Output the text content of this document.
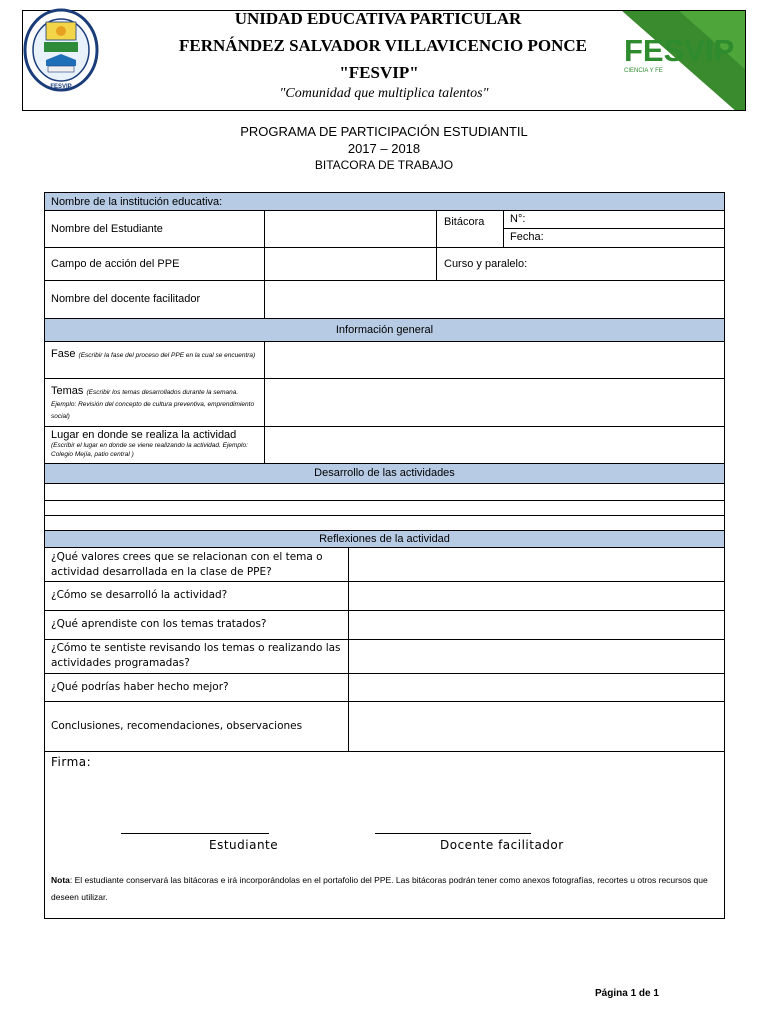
FESVIP
UNIDAD EDUCATIVA PARTICULAR
FERNÁNDEZ SALVADOR VILLAVICENCIO PONCE
"FESVIP"
"Comunidad que multiplica talentos"
FESVIP
CIENCIA Y FE
PROGRAMA DE PARTICIPACIÓN ESTUDIANTIL
2017 – 2018
BITACORA DE TRABAJO
Nombre de la institución educativa:
Nombre del Estudiante
Bitácora N°:
Fecha:
Campo de acción del PPE	Curso y paralelo:
Nombre del docente facilitador
Información general
Fase (Escribir la fase del proceso del PPE en la cual se encuentra)
Temas (Escribir los temas desarrollados durante la semana. Ejemplo: Revisión del concepto de cultura preventiva, emprendimiento social)
Lugar en donde se realiza la actividad
(Escribir el lugar en donde se viene realizando la actividad. Ejemplo: Colegio Mejía, patio central )
Desarrollo de las actividades
Reflexiones de la actividad
¿Qué valores crees que se relacionan con el tema o actividad desarrollada en la clase de PPE?
¿Cómo se desarrolló la actividad?
¿Qué aprendiste con los temas tratados?
¿Cómo te sentiste revisando los temas o realizando las actividades programadas?
¿Qué podrías haber hecho mejor?
Conclusiones, recomendaciones, observaciones
Firma:
Estudiante	Docente facilitador
Nota: El estudiante conservará las bitácoras e irá incorporándolas en el portafolio del PPE. Las bitácoras podrán tener como anexos fotografías, recortes u otros recursos que deseen utilizar.
Página 1 de 1
